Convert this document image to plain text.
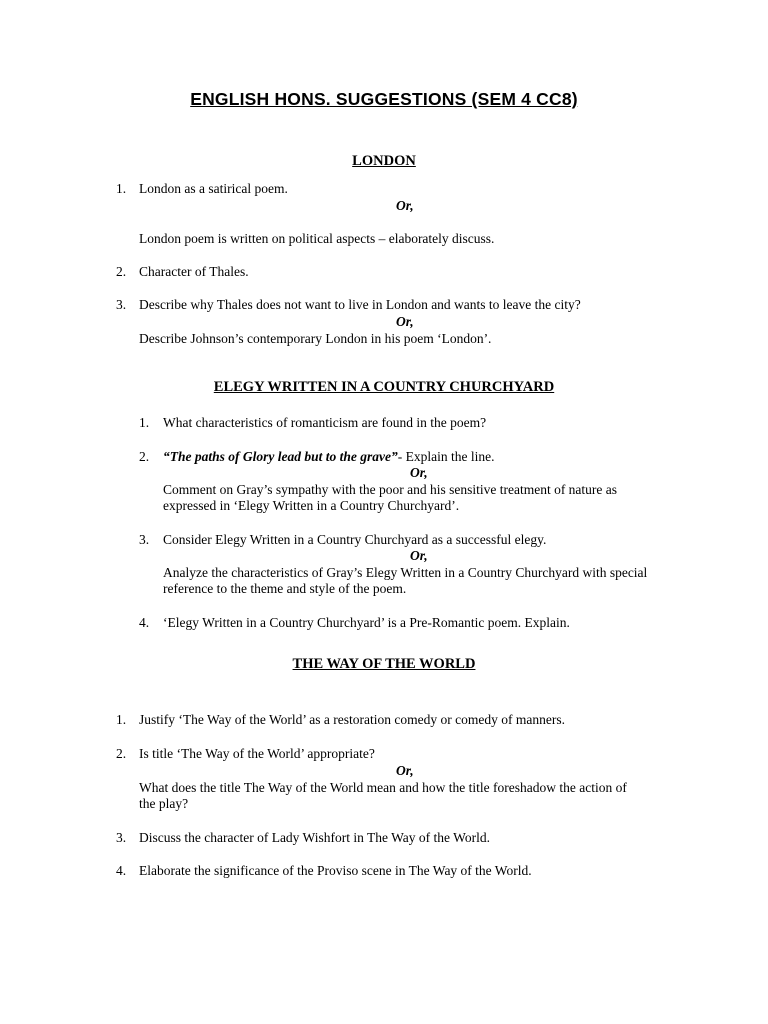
ENGLISH HONS. SUGGESTIONS (SEM 4 CC8)
LONDON
1. London as a satirical poem.
Or,
London poem is written on political aspects – elaborately discuss.
2. Character of Thales.
3. Describe why Thales does not want to live in London and wants to leave the city?
Or,
Describe Johnson’s contemporary London in his poem ‘London’.
ELEGY WRITTEN IN A COUNTRY CHURCHYARD
1. What characteristics of romanticism are found in the poem?
2. “The paths of Glory lead but to the grave”- Explain the line.
Or,
Comment on Gray’s sympathy with the poor and his sensitive treatment of nature as
expressed in ‘Elegy Written in a Country Churchyard’.
3. Consider Elegy Written in a Country Churchyard as a successful elegy.
Or,
Analyze the characteristics of Gray’s Elegy Written in a Country Churchyard with special
reference to the theme and style of the poem.
4. ‘Elegy Written in a Country Churchyard’ is a Pre-Romantic poem. Explain.
THE WAY OF THE WORLD
1. Justify ‘The Way of the World’ as a restoration comedy or comedy of manners.
2. Is title ‘The Way of the World’ appropriate?
Or,
What does the title The Way of the World mean and how the title foreshadow the action of
the play?
3. Discuss the character of Lady Wishfort in The Way of the World.
4. Elaborate the significance of the Proviso scene in The Way of the World.
